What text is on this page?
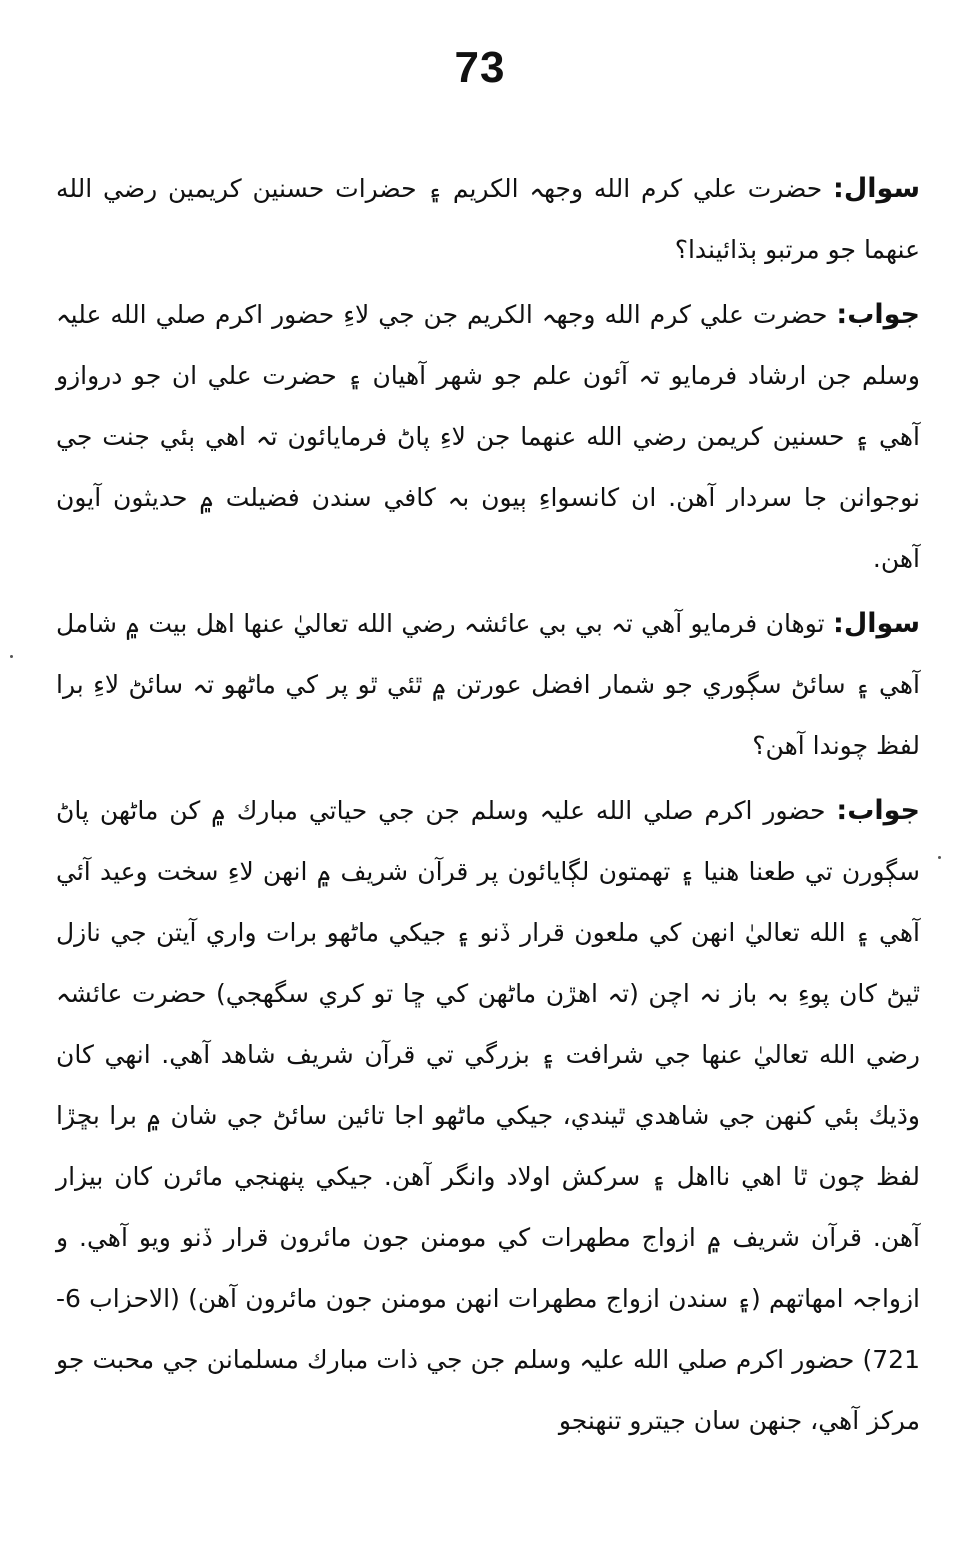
73

سوال: حضرت علي كرم الله وجهہ الكريم ۽ حضرات حسنين كريمين رضي الله عنهما جو مرتبو ٻڌائيندا؟

جواب: حضرت علي كرم الله وجهہ الكريم جن جي لاءِ حضور اكرم صلي الله عليہ وسلم جن ارشاد فرمايو تہ آئون علم جو شهر آهيان ۽ حضرت علي ان جو دروازو آهي ۽ حسنين كريمن رضي الله عنهما جن لاءِ پاڻ فرمايائون تہ اهي ٻئي جنت جي نوجوانن جا سردار آهن. ان كانسواءِ ٻيون بہ كافي سندن فضيلت ۾ حديثون آيون آهن.

سوال: توهان فرمايو آهي تہ بي بي عائشہ رضي الله تعاليٰ عنها اهل بيت ۾ شامل آهي ۽ سائڻ سڳوري جو شمار افضل عورتن ۾ ٿئي ٿو پر كي ماڻهو تہ سائڻ لاءِ برا لفظ چوندا آهن؟

جواب: حضور اكرم صلي الله عليہ وسلم جن جي حياتي مبارك ۾ كن ماڻهن پاڻ سڳورن تي طعنا هنيا ۽ تهمتون لڳايائون پر قرآن شريف ۾ انهن لاءِ سخت وعيد آئي آهي ۽ الله تعاليٰ انهن كي ملعون قرار ڏنو ۽ جيكي ماڻهو برات واري آيتن جي نازل ٿيڻ كان پوءِ بہ باز نہ اچن (تہ اهڙن ماڻهن كي ڇا تو كري سگهجي) حضرت عائشہ رضي الله تعاليٰ عنها جي شرافت ۽ بزرگي تي قرآن شريف شاهد آهي. انهي كان وڌيك ٻئي كنهن جي شاهدي ٿيندي، جيكي ماڻهو اجا تائين سائڻ جي شان ۾ برا بڇڙا لفظ چون ٿا اهي نااهل ۽ سركش اولاد وانگر آهن. جيكي پنهنجي مائرن كان بيزار آهن. قرآن شريف ۾ ازواج مطهرات كي مومنن جون مائرون قرار ڏنو ويو آهي. و ازواجہ امهاتهم (۽ سندن ازواج مطهرات انهن مومنن جون مائرون آهن) (الاحزاب 6-721) حضور اكرم صلي الله عليہ وسلم جن جي ذات مبارك مسلمانن جي محبت جو مركز آهي، جنهن سان جيترو تنهنجو
